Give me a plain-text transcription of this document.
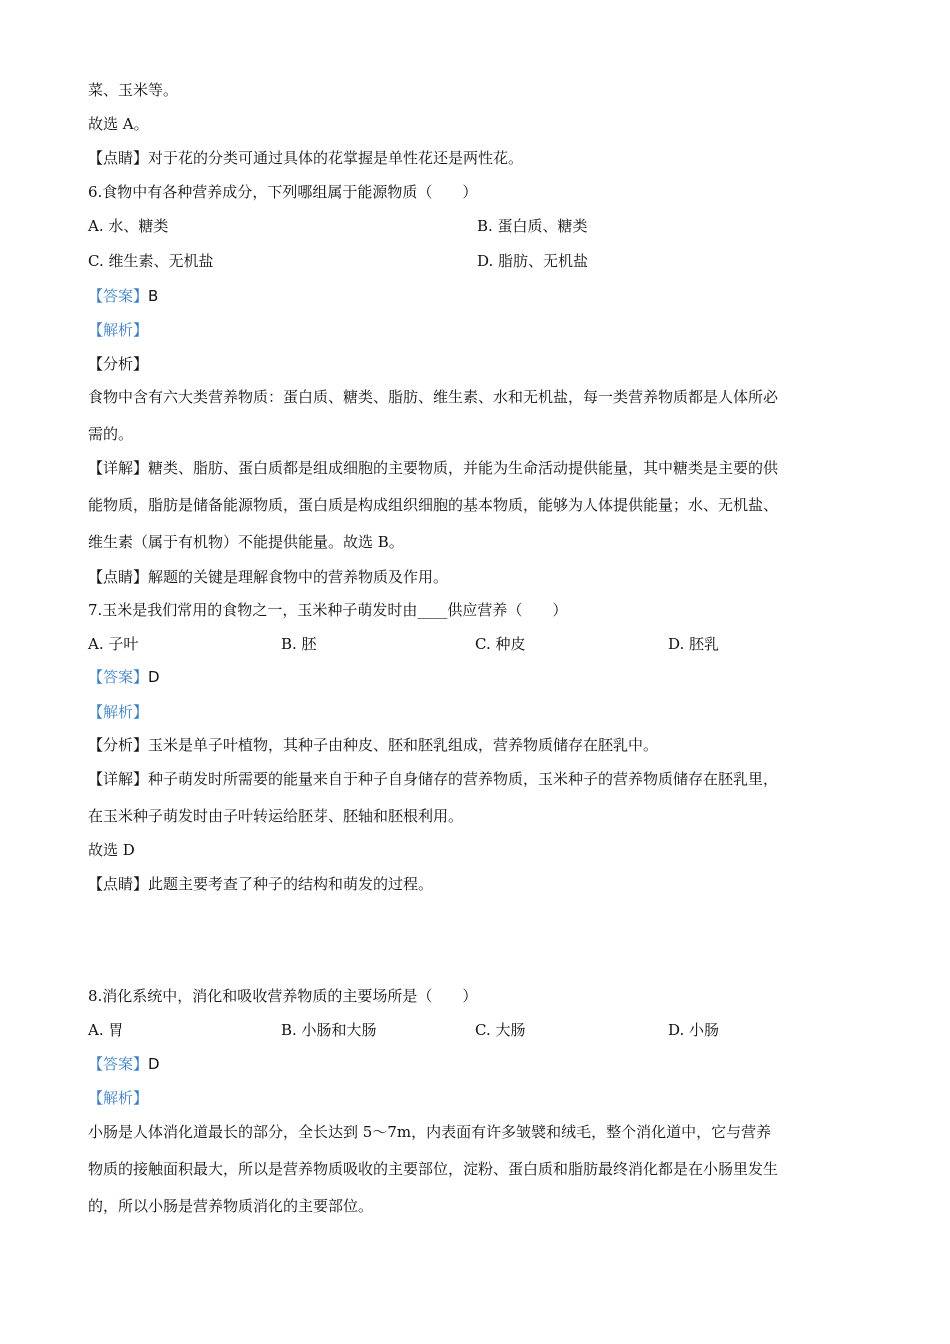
菜、玉米等。
故选 A。
【点睛】对于花的分类可通过具体的花掌握是单性花还是两性花。
6.食物中有各种营养成分，下列哪组属于能源物质（　　）
A. 水、糖类	B. 蛋白质、糖类
C. 维生素、无机盐	D. 脂肪、无机盐
【答案】B
【解析】
【分析】
食物中含有六大类营养物质：蛋白质、糖类、脂肪、维生素、水和无机盐，每一类营养物质都是人体所必
需的。
【详解】糖类、脂肪、蛋白质都是组成细胞的主要物质，并能为生命活动提供能量，其中糖类是主要的供
能物质，脂肪是储备能源物质，蛋白质是构成组织细胞的基本物质，能够为人体提供能量；水、无机盐、
维生素（属于有机物）不能提供能量。故选 B。
【点睛】解题的关键是理解食物中的营养物质及作用。
7.玉米是我们常用的食物之一，玉米种子萌发时由____供应营养（　　）
A. 子叶	B. 胚	C. 种皮	D. 胚乳
【答案】D
【解析】
【分析】玉米是单子叶植物，其种子由种皮、胚和胚乳组成，营养物质储存在胚乳中。
【详解】种子萌发时所需要的能量来自于种子自身储存的营养物质，玉米种子的营养物质储存在胚乳里，
在玉米种子萌发时由子叶转运给胚芽、胚轴和胚根利用。
故选 D
【点睛】此题主要考查了种子的结构和萌发的过程。
8.消化系统中，消化和吸收营养物质的主要场所是（　　）
A. 胃	B. 小肠和大肠	C. 大肠	D. 小肠
【答案】D
【解析】
小肠是人体消化道最长的部分，全长达到 5～7m，内表面有许多皱襞和绒毛，整个消化道中，它与营养
物质的接触面积最大，所以是营养物质吸收的主要部位，淀粉、蛋白质和脂肪最终消化都是在小肠里发生
的，所以小肠是营养物质消化的主要部位。
